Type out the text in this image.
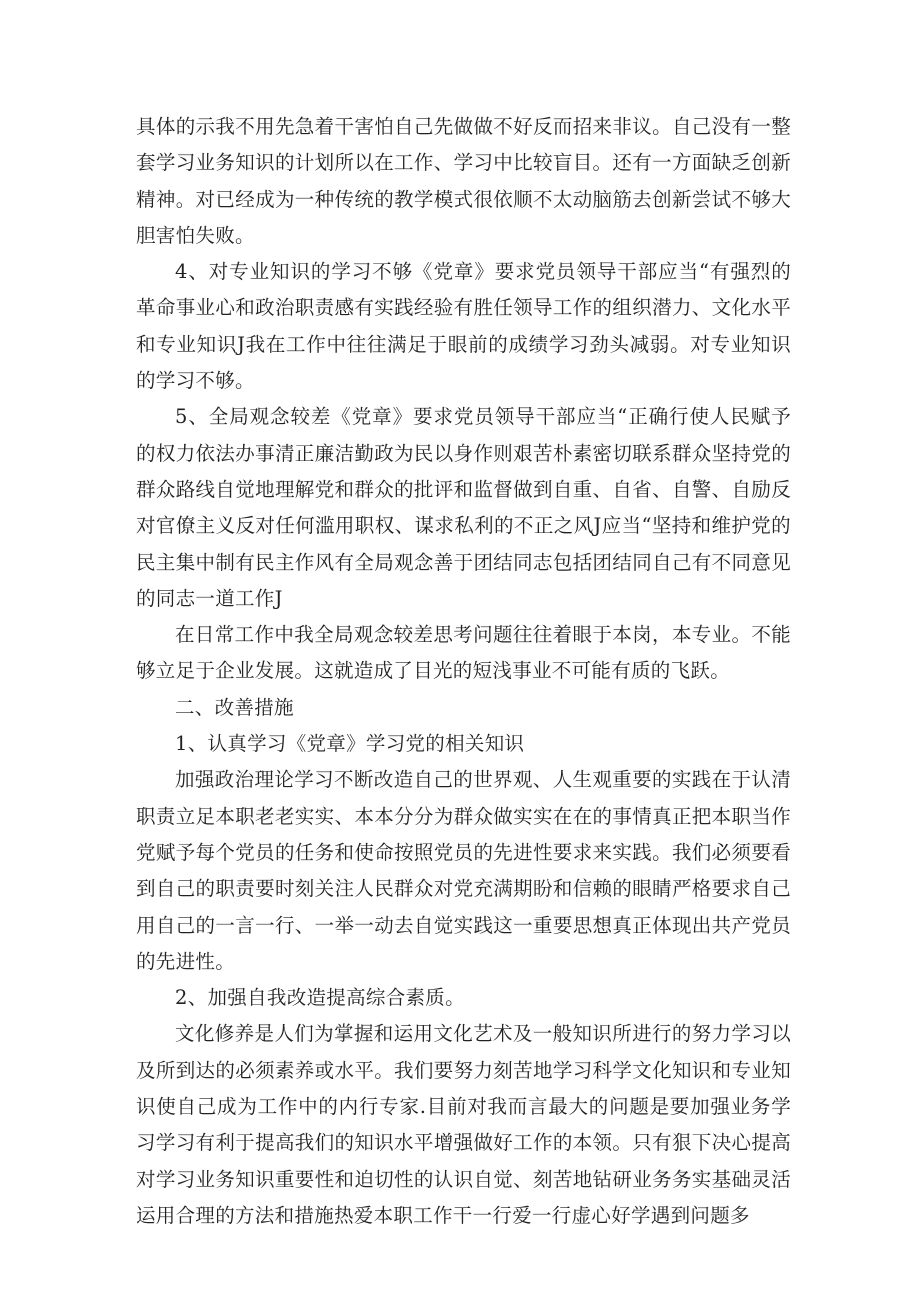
具体的示我不用先急着干害怕自己先做做不好反而招来非议。自己没有一整套学习业务知识的计划所以在工作、学习中比较盲目。还有一方面缺乏创新精神。对已经成为一种传统的教学模式很依顺不太动脑筋去创新尝试不够大胆害怕失败。

4、对专业知识的学习不够《党章》要求党员领导干部应当“有强烈的革命事业心和政治职责感有实践经验有胜任领导工作的组织潜力、文化水平和专业知识J我在工作中往往满足于眼前的成绩学习劲头减弱。对专业知识的学习不够。

5、全局观念较差《党章》要求党员领导干部应当“正确行使人民赋予的权力依法办事清正廉洁勤政为民以身作则艰苦朴素密切联系群众坚持党的群众路线自觉地理解党和群众的批评和监督做到自重、自省、自警、自励反对官僚主义反对任何滥用职权、谋求私利的不正之风J应当“坚持和维护党的民主集中制有民主作风有全局观念善于团结同志包括团结同自己有不同意见的同志一道工作J

在日常工作中我全局观念较差思考问题往往着眼于本岗，本专业。不能够立足于企业发展。这就造成了目光的短浅事业不可能有质的飞跃。

二、改善措施

1、认真学习《党章》学习党的相关知识

加强政治理论学习不断改造自己的世界观、人生观重要的实践在于认清职责立足本职老老实实、本本分分为群众做实实在在的事情真正把本职当作党赋予每个党员的任务和使命按照党员的先进性要求来实践。我们必须要看到自己的职责要时刻关注人民群众对党充满期盼和信赖的眼睛严格要求自己用自己的一言一行、一举一动去自觉实践这一重要思想真正体现出共产党员的先进性。

2、加强自我改造提高综合素质。

文化修养是人们为掌握和运用文化艺术及一般知识所进行的努力学习以及所到达的必须素养或水平。我们要努力刻苦地学习科学文化知识和专业知识使自己成为工作中的内行专家.目前对我而言最大的问题是要加强业务学习学习有利于提高我们的知识水平增强做好工作的本领。只有狠下决心提高对学习业务知识重要性和迫切性的认识自觉、刻苦地钻研业务务实基础灵活运用合理的方法和措施热爱本职工作干一行爱一行虚心好学遇到问题多
